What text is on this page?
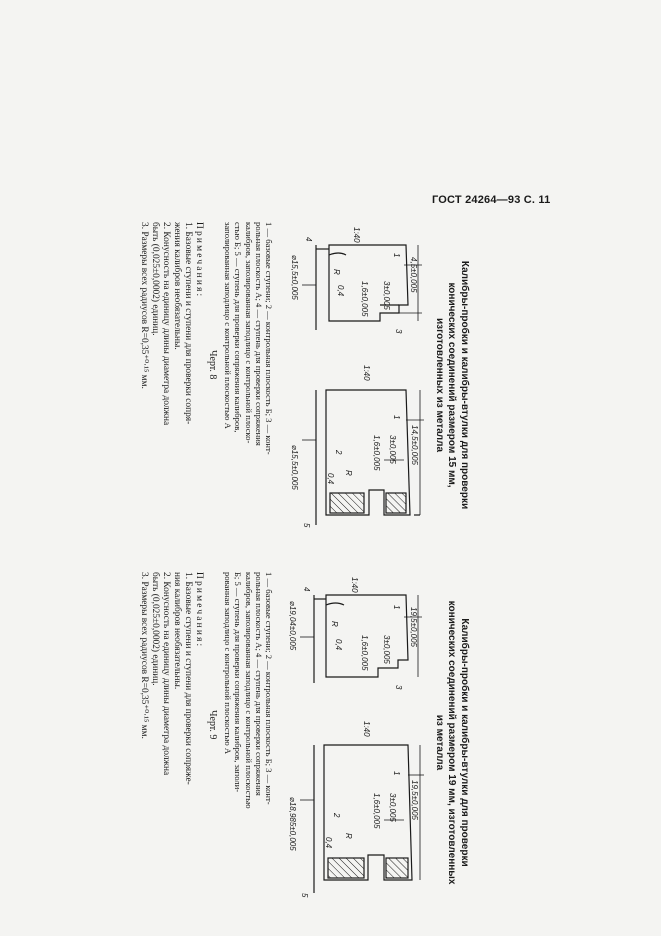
ГОСТ 24264—93 С. 11
Калибры-пробки и калибры-втулки для проверки
конических соединений размером 15 мм,
изготовленных из металла
4,5±0,005
3±0,005
1,6±0,005
14,5±0,005
3±0,005
1,6±0,005
⌀15,5±0,005
⌀15,5±0,005
1:40
1:40
R
R
0,4
0,4
1
1
2
3
4
5
1 — базовые ступени; 2 — контрольная плоскость Б; 3 — конт-
рольная плоскость А; 4 — ступень для проверки сопряжения
калибров, заполированная заподлицо с контрольной плоско-
стью Б; 5 — ступень для проверки сопряжения калибров,
заполированная заподлицо с контрольной плоскостью А
Черт. 8
Примечания:
1. Базовые ступени и ступени для проверки сопря-
жения калибров необязательны.
2. Конусность на единицу длины диаметра должна
быть (0,025±0,0002) единиц.
3. Размеры всех радиусов R=0,35⁺⁰·¹⁵ мм.
Калибры-пробки и калибры-втулки для проверки
конических соединений размером 19 мм, изготовленных
из металла
19,5±0,005
3±0,005
1,6±0,005
19,5±0,005
3±0,005
1,6±0,005
⌀19,04±0,005
⌀18,985±0,005
1:40
1:40
R
R
0,4
0,4
1
1
2
3
4
5
1 — базовые ступени; 2 — контрольная плоскость Б; 3 — конт-
рольная плоскость А; 4 — ступень для проверки сопряжения
калибров, заполированная заподлицо с контрольной плоскостью
Б; 5 — ступень для проверки сопряжения калибров, заполи-
рованная заподлицо с контрольной плоскостью А
Черт. 9
Примечания:
1. Базовые ступени и ступени для проверки сопряже-
ния калибров необязательны.
2. Конусность на единицу длины диаметра должна
быть (0,025±0,0002) единиц.
3. Размеры всех радиусов R=0,35⁺⁰·¹⁵ мм.
